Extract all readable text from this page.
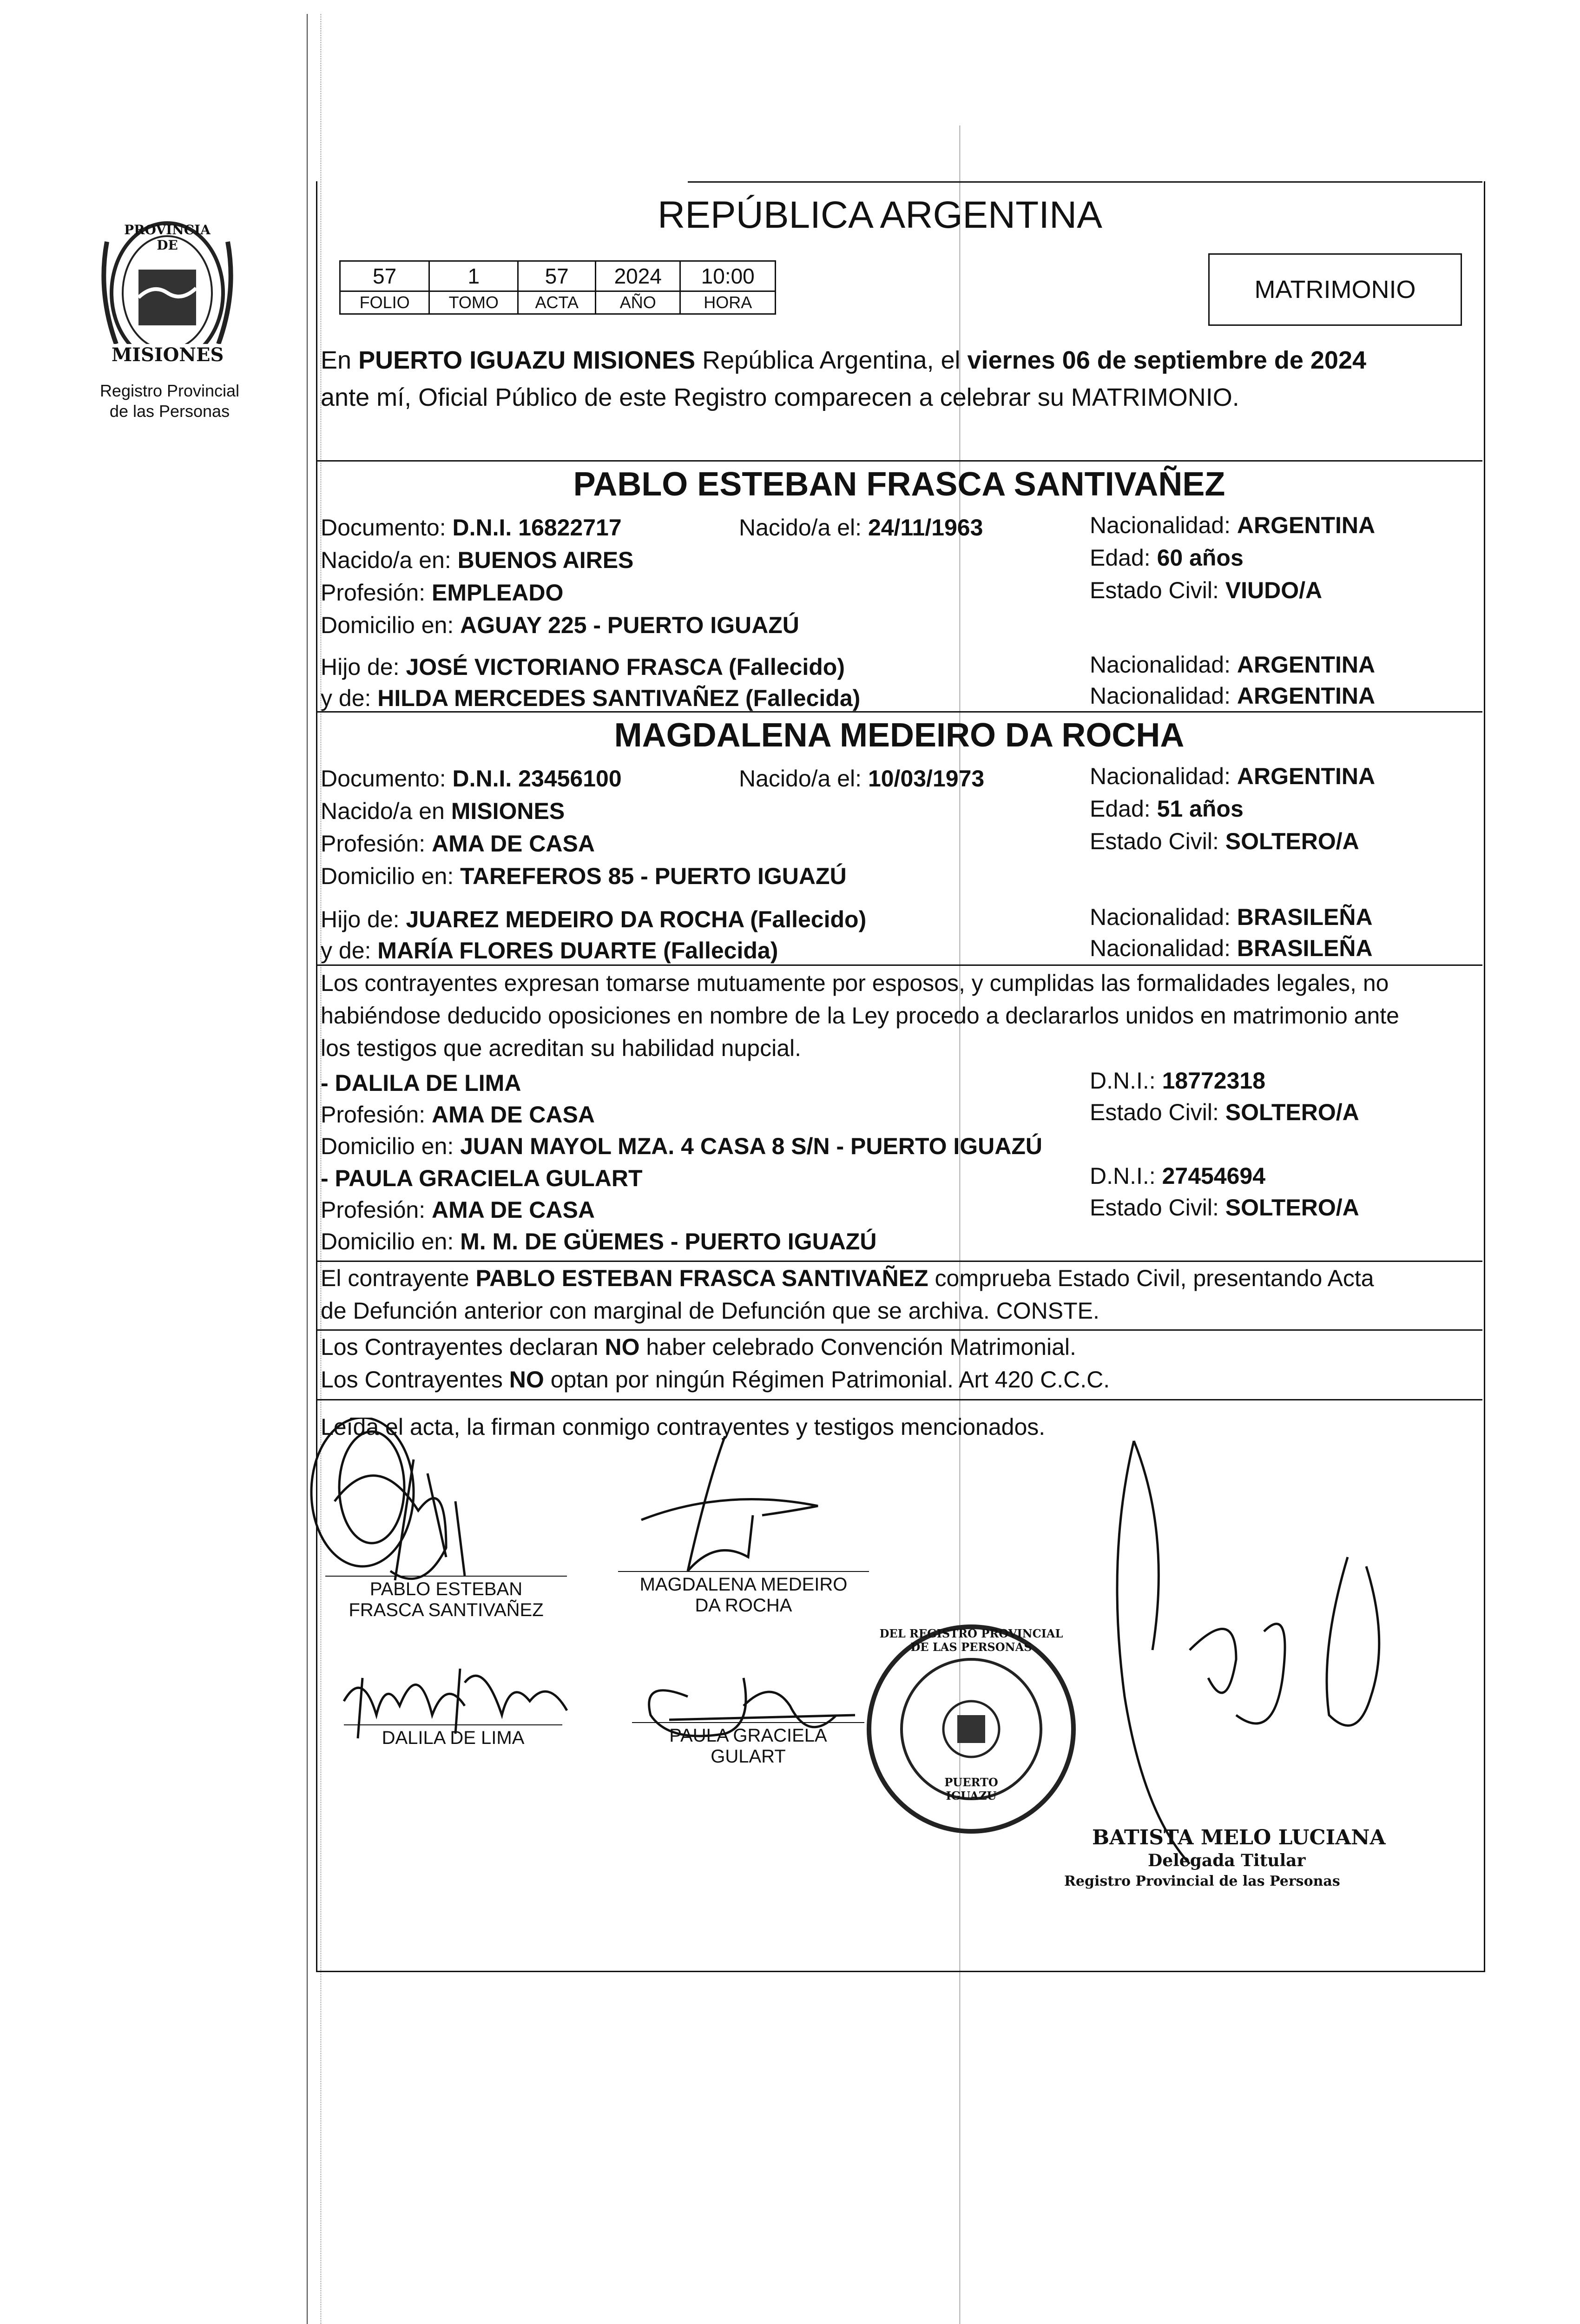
PROVINCIA DE
MISIONES
Registro Provincial
de las Personas
REPÚBLICA ARGENTINA
57	1	57	2024	10:00
FOLIO	TOMO	ACTA	AÑO	HORA	MATRIMONIO
En PUERTO IGUAZU MISIONES República Argentina, el viernes 06 de septiembre de 2024
ante mí, Oficial Público de este Registro comparecen a celebrar su MATRIMONIO.
PABLO ESTEBAN FRASCA SANTIVAÑEZ
Documento: D.N.I. 16822717	Nacido/a el: 24/11/1963	Nacionalidad: ARGENTINA
Nacido/a en: BUENOS AIRES	Edad: 60 años
Profesión: EMPLEADO	Estado Civil: VIUDO/A
Domicilio en: AGUAY 225 - PUERTO IGUAZÚ
Hijo de: JOSÉ VICTORIANO FRASCA (Fallecido)	Nacionalidad: ARGENTINA
y de: HILDA MERCEDES SANTIVAÑEZ (Fallecida)	Nacionalidad: ARGENTINA
MAGDALENA MEDEIRO DA ROCHA
Documento: D.N.I. 23456100	Nacido/a el: 10/03/1973	Nacionalidad: ARGENTINA
Nacido/a en MISIONES	Edad: 51 años
Profesión: AMA DE CASA	Estado Civil: SOLTERO/A
Domicilio en: TAREFEROS 85 - PUERTO IGUAZÚ
Hijo de: JUAREZ MEDEIRO DA ROCHA (Fallecido)	Nacionalidad: BRASILEÑA
y de: MARÍA FLORES DUARTE (Fallecida)	Nacionalidad: BRASILEÑA
Los contrayentes expresan tomarse mutuamente por esposos, y cumplidas las formalidades legales, no
habiéndose deducido oposiciones en nombre de la Ley procedo a declararlos unidos en matrimonio ante
los testigos que acreditan su habilidad nupcial.
- DALILA DE LIMA	D.N.I.: 18772318
Profesión: AMA DE CASA	Estado Civil: SOLTERO/A
Domicilio en: JUAN MAYOL MZA. 4 CASA 8 S/N - PUERTO IGUAZÚ
- PAULA GRACIELA GULART	D.N.I.: 27454694
Profesión: AMA DE CASA	Estado Civil: SOLTERO/A
Domicilio en: M. M. DE GÜEMES - PUERTO IGUAZÚ
El contrayente PABLO ESTEBAN FRASCA SANTIVAÑEZ comprueba Estado Civil, presentando Acta
de Defunción anterior con marginal de Defunción que se archiva. CONSTE.
Los Contrayentes declaran NO haber celebrado Convención Matrimonial.
Los Contrayentes NO optan por ningún Régimen Patrimonial. Art 420 C.C.C.
Leída el acta, la firman conmigo contrayentes y testigos mencionados.
PABLO ESTEBAN
FRASCA SANTIVAÑEZ
MAGDALENA MEDEIRO
DA ROCHA
DALILA DE LIMA	PAULA GRACIELA
GULART
DEL REGISTRO PROVINCIAL DE LAS PERSONAS
PUERTO IGUAZU
BATISTA MELO LUCIANA
Delegada Titular
Registro Provincial de las Personas
